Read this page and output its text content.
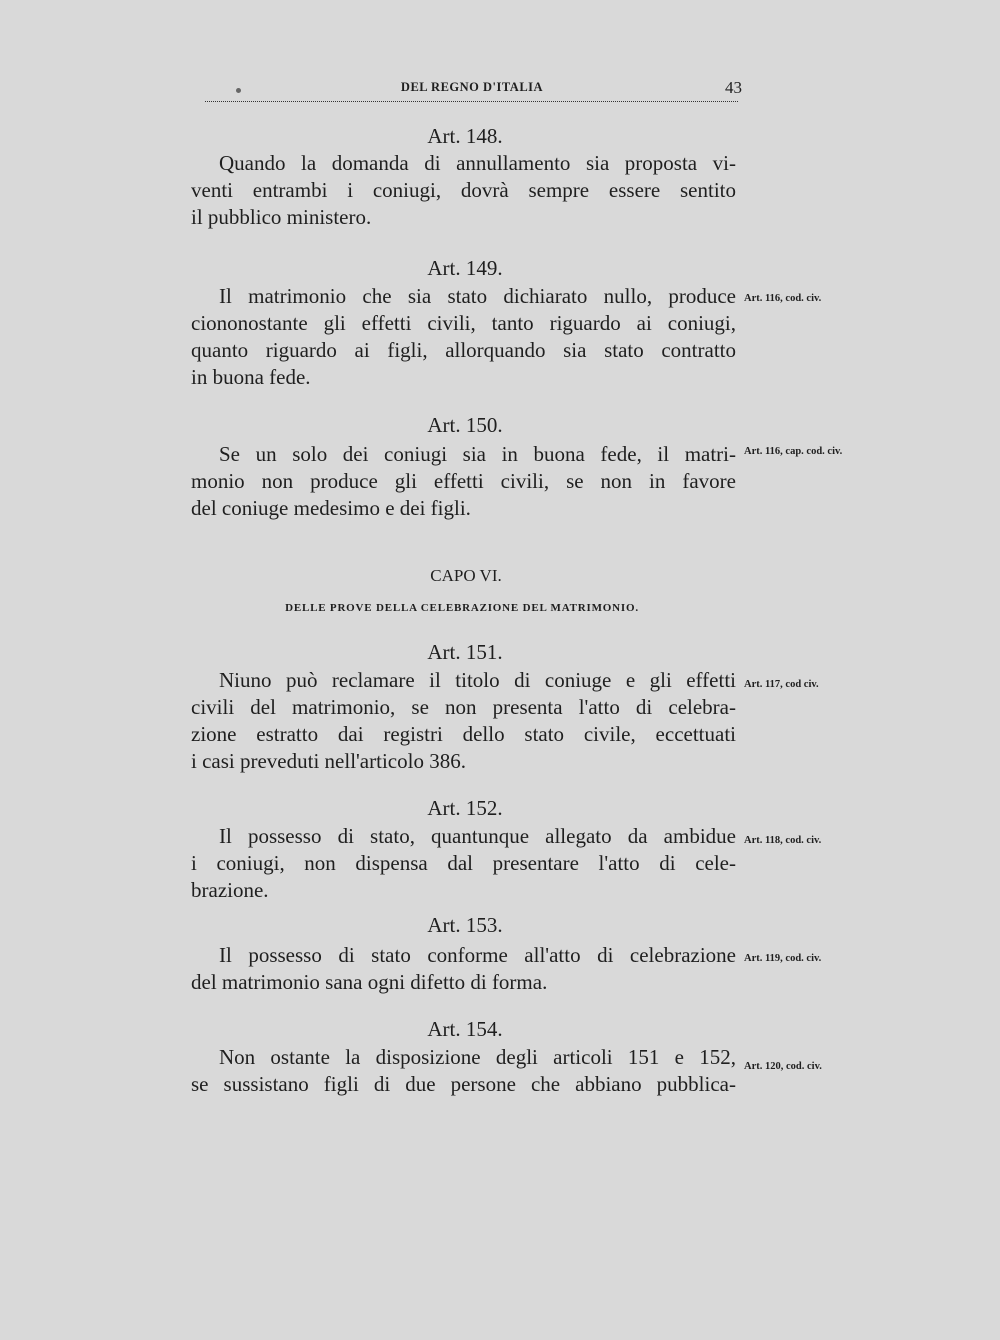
DEL REGNO D'ITALIA	43
Art. 148.
Quando la domanda di annullamento sia proposta vi-
venti entrambi i coniugi, dovrà sempre essere sentito
il pubblico ministero.
Art. 149.
Il matrimonio che sia stato dichiarato nullo, produce
ciononostante gli effetti civili, tanto riguardo ai coniugi,
quanto riguardo ai figli, allorquando sia stato contratto
in buona fede.
Art. 116, cod. civ.
Art. 150.
Se un solo dei coniugi sia in buona fede, il matri-
monio non produce gli effetti civili, se non in favore
del coniuge medesimo e dei figli.
Art. 116, cap. cod. civ.
CAPO VI.
DELLE PROVE DELLA CELEBRAZIONE DEL MATRIMONIO.
Art. 151.
Niuno può reclamare il titolo di coniuge e gli effetti
civili del matrimonio, se non presenta l'atto di celebra-
zione estratto dai registri dello stato civile, eccettuati
i casi preveduti nell'articolo 386.
Art. 117, cod civ.
Art. 152.
Il possesso di stato, quantunque allegato da ambidue
i coniugi, non dispensa dal presentare l'atto di cele-
brazione.
Art. 118, cod. civ.
Art. 153.
Il possesso di stato conforme all'atto di celebrazione
del matrimonio sana ogni difetto di forma.
Art. 119, cod. civ.
Art. 154.
Non ostante la disposizione degli articoli 151 e 152,
se sussistano figli di due persone che abbiano pubblica-
Art. 120, cod. civ.
